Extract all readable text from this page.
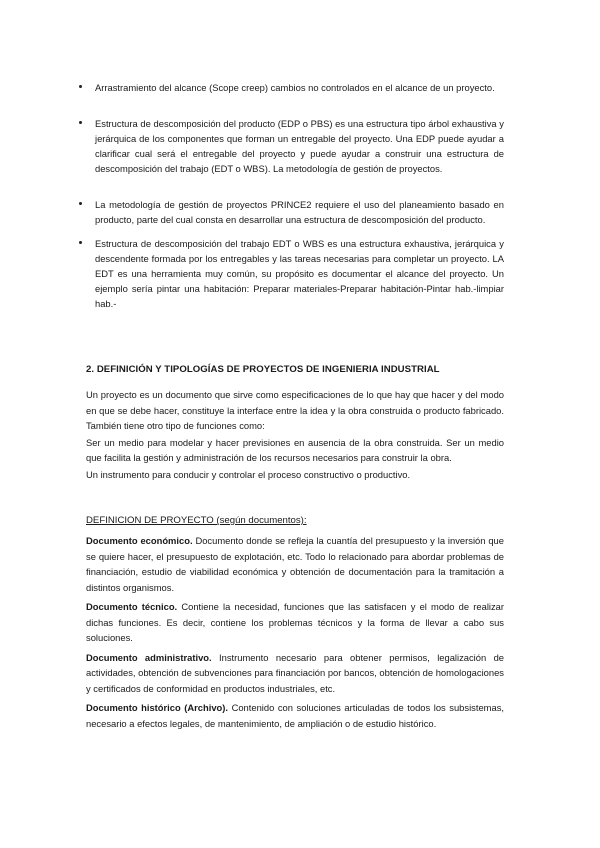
Arrastramiento del alcance (Scope creep) cambios no controlados en el alcance de un proyecto.
Estructura de descomposición del producto (EDP o PBS) es una estructura tipo árbol exhaustiva y jerárquica de los componentes que forman un entregable del proyecto. Una EDP puede ayudar a clarificar cual será el entregable del proyecto y puede ayudar a construir una estructura de descomposición del trabajo (EDT o WBS). La metodología de gestión de proyectos.
La metodología de gestión de proyectos PRINCE2 requiere el uso del planeamiento basado en producto, parte del cual consta en desarrollar una estructura de descomposición del producto.
Estructura de descomposición del trabajo EDT o WBS es una estructura exhaustiva, jerárquica y descendente formada por los entregables y las tareas necesarias para completar un proyecto. LA EDT es una herramienta muy común, su propósito es documentar el alcance del proyecto. Un ejemplo sería pintar una habitación: Preparar materiales-Preparar habitación-Pintar hab.-limpiar hab.-
2. DEFINICIÓN Y TIPOLOGÍAS DE PROYECTOS DE INGENIERIA INDUSTRIAL

Un proyecto es un documento que sirve como especificaciones de lo que hay que hacer y del modo en que se debe hacer, constituye la interface entre la idea y la obra construida o producto fabricado. También tiene otro tipo de funciones como:

Ser un medio para modelar y hacer previsiones en ausencia de la obra construida. Ser un medio que facilita la gestión y administración de los recursos necesarios para construir la obra.

Un instrumento para conducir y controlar el proceso constructivo o productivo.

DEFINICION DE PROYECTO (según documentos):

Documento económico. Documento donde se refleja la cuantía del presupuesto y la inversión que se quiere hacer, el presupuesto de explotación, etc. Todo lo relacionado para abordar problemas de financiación, estudio de viabilidad económica y obtención de documentación para la tramitación a distintos organismos.

Documento técnico. Contiene la necesidad, funciones que las satisfacen y el modo de realizar dichas funciones. Es decir, contiene los problemas técnicos y la forma de llevar a cabo sus soluciones.

Documento administrativo. Instrumento necesario para obtener permisos, legalización de actividades, obtención de subvenciones para financiación por bancos, obtención de homologaciones y certificados de conformidad en productos industriales, etc.

Documento histórico (Archivo). Contenido con soluciones articuladas de todos los subsistemas, necesario a efectos legales, de mantenimiento, de ampliación o de estudio histórico.
